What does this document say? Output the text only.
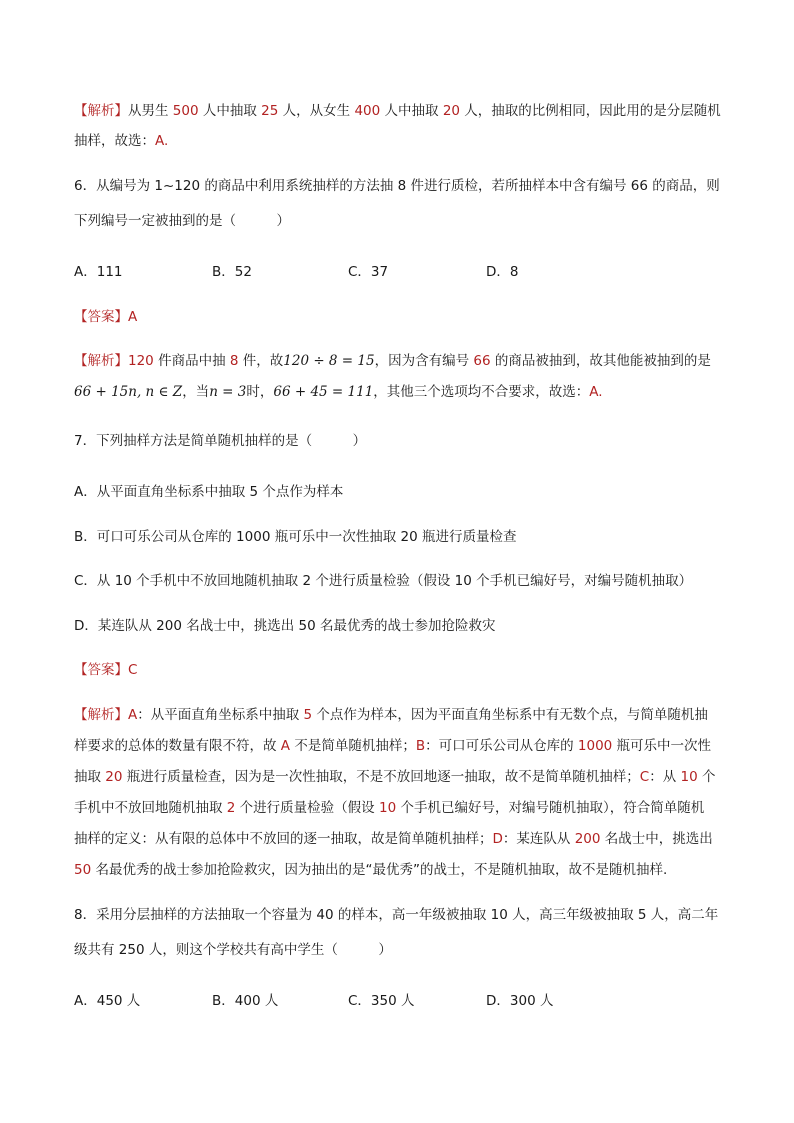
【解析】从男生 500 人中抽取 25 人，从女生 400 人中抽取 20 人，抽取的比例相同，因此用的是分层随机
抽样，故选：A.
6．从编号为 1~120 的商品中利用系统抽样的方法抽 8 件进行质检，若所抽样本中含有编号 66 的商品，则
下列编号一定被抽到的是（　　　）
A．111	B．52	C．37	D．8
【答案】A
【解析】120 件商品中抽 8 件，故120 ÷ 8 = 15，因为含有编号 66 的商品被抽到，故其他能被抽到的是
66 + 15n, n ∈ Z，当n = 3时，66 + 45 = 111，其他三个选项均不合要求，故选：A.
7．下列抽样方法是简单随机抽样的是（　　　）
A．从平面直角坐标系中抽取 5 个点作为样本
B．可口可乐公司从仓库的 1000 瓶可乐中一次性抽取 20 瓶进行质量检查
C．从 10 个手机中不放回地随机抽取 2 个进行质量检验（假设 10 个手机已编好号，对编号随机抽取）
D．某连队从 200 名战士中，挑选出 50 名最优秀的战士参加抢险救灾
【答案】C
【解析】A：从平面直角坐标系中抽取 5 个点作为样本，因为平面直角坐标系中有无数个点，与简单随机抽
样要求的总体的数量有限不符，故 A 不是简单随机抽样；B：可口可乐公司从仓库的 1000 瓶可乐中一次性
抽取 20 瓶进行质量检查，因为是一次性抽取，不是不放回地逐一抽取，故不是简单随机抽样；C：从 10 个
手机中不放回地随机抽取 2 个进行质量检验（假设 10 个手机已编好号，对编号随机抽取），符合简单随机
抽样的定义：从有限的总体中不放回的逐一抽取，故是简单随机抽样；D：某连队从 200 名战士中，挑选出
50 名最优秀的战士参加抢险救灾，因为抽出的是“最优秀”的战士，不是随机抽取，故不是随机抽样.
8．采用分层抽样的方法抽取一个容量为 40 的样本，高一年级被抽取 10 人，高三年级被抽取 5 人，高二年
级共有 250 人，则这个学校共有高中学生（　　　）
A．450 人	B．400 人	C．350 人	D．300 人
